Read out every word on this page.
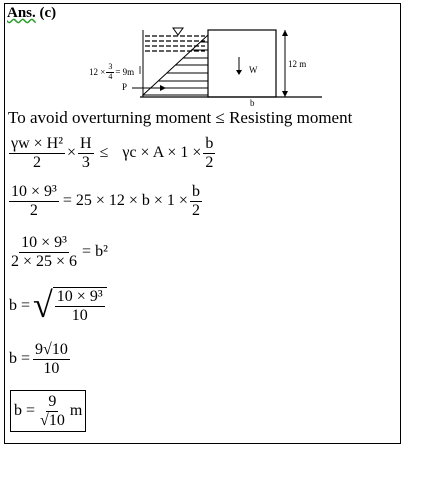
Ans. (c)
$12 \times \frac{3}{4} = 9m$
P
W
12 m
b
To avoid overturning moment ≤ Resisting moment
$\frac{\text{γw × H²}}{2} \times \frac{H}{3} \le \gamma c \times A \times 1 \times \frac{b}{2}$
$\frac{\text{10 × 9³}}{2} = 25 \times 12 \times b \times 1 \times \frac{b}{2}$
$\frac{\text{10 × 9³}}{2 \times 25 \times 6} = b^2$
b = √ $\frac{\text{10 × 9³}}{10}$
$b = \frac{9√10}{10}$
$b = \frac{9}{√10}$ m
